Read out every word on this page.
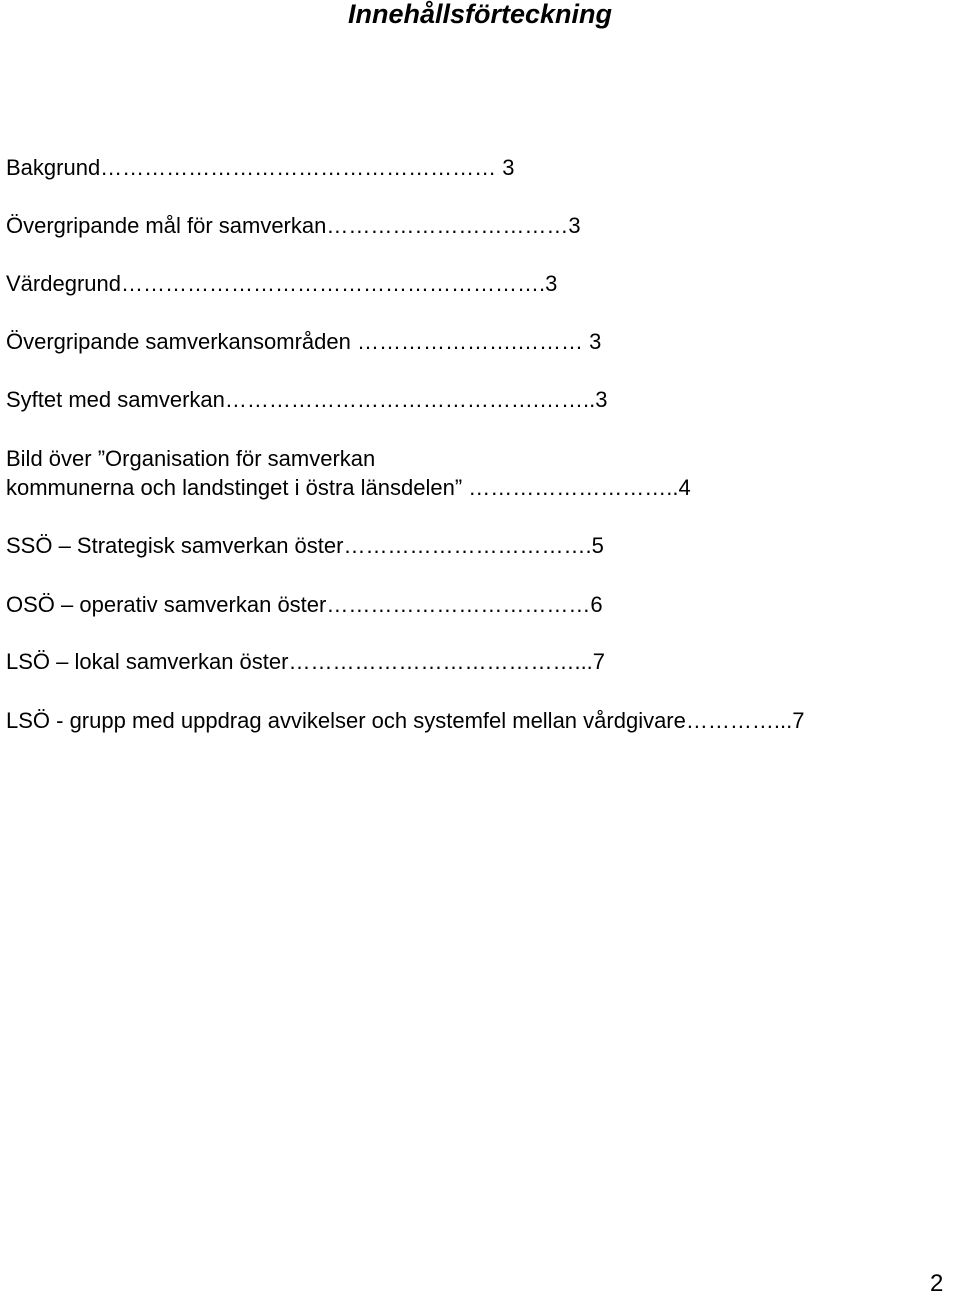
Innehållsförteckning
Bakgrund……………………………………………… 3
Övergripande mål för samverkan……………………………3
Värdegrund………………………………………………….3
Övergripande samverkansområden ………………….……… 3
Syftet med samverkan…………………………………….……..3
Bild över ”Organisation för samverkan
kommunerna och landstinget i östra länsdelen” ………………………..4
SSÖ – Strategisk samverkan öster…………………………….5
OSÖ – operativ samverkan öster………………………………6
LSÖ – lokal samverkan öster…………………………………...7
LSÖ - grupp med uppdrag avvikelser och systemfel mellan vårdgivare…………...7
2
